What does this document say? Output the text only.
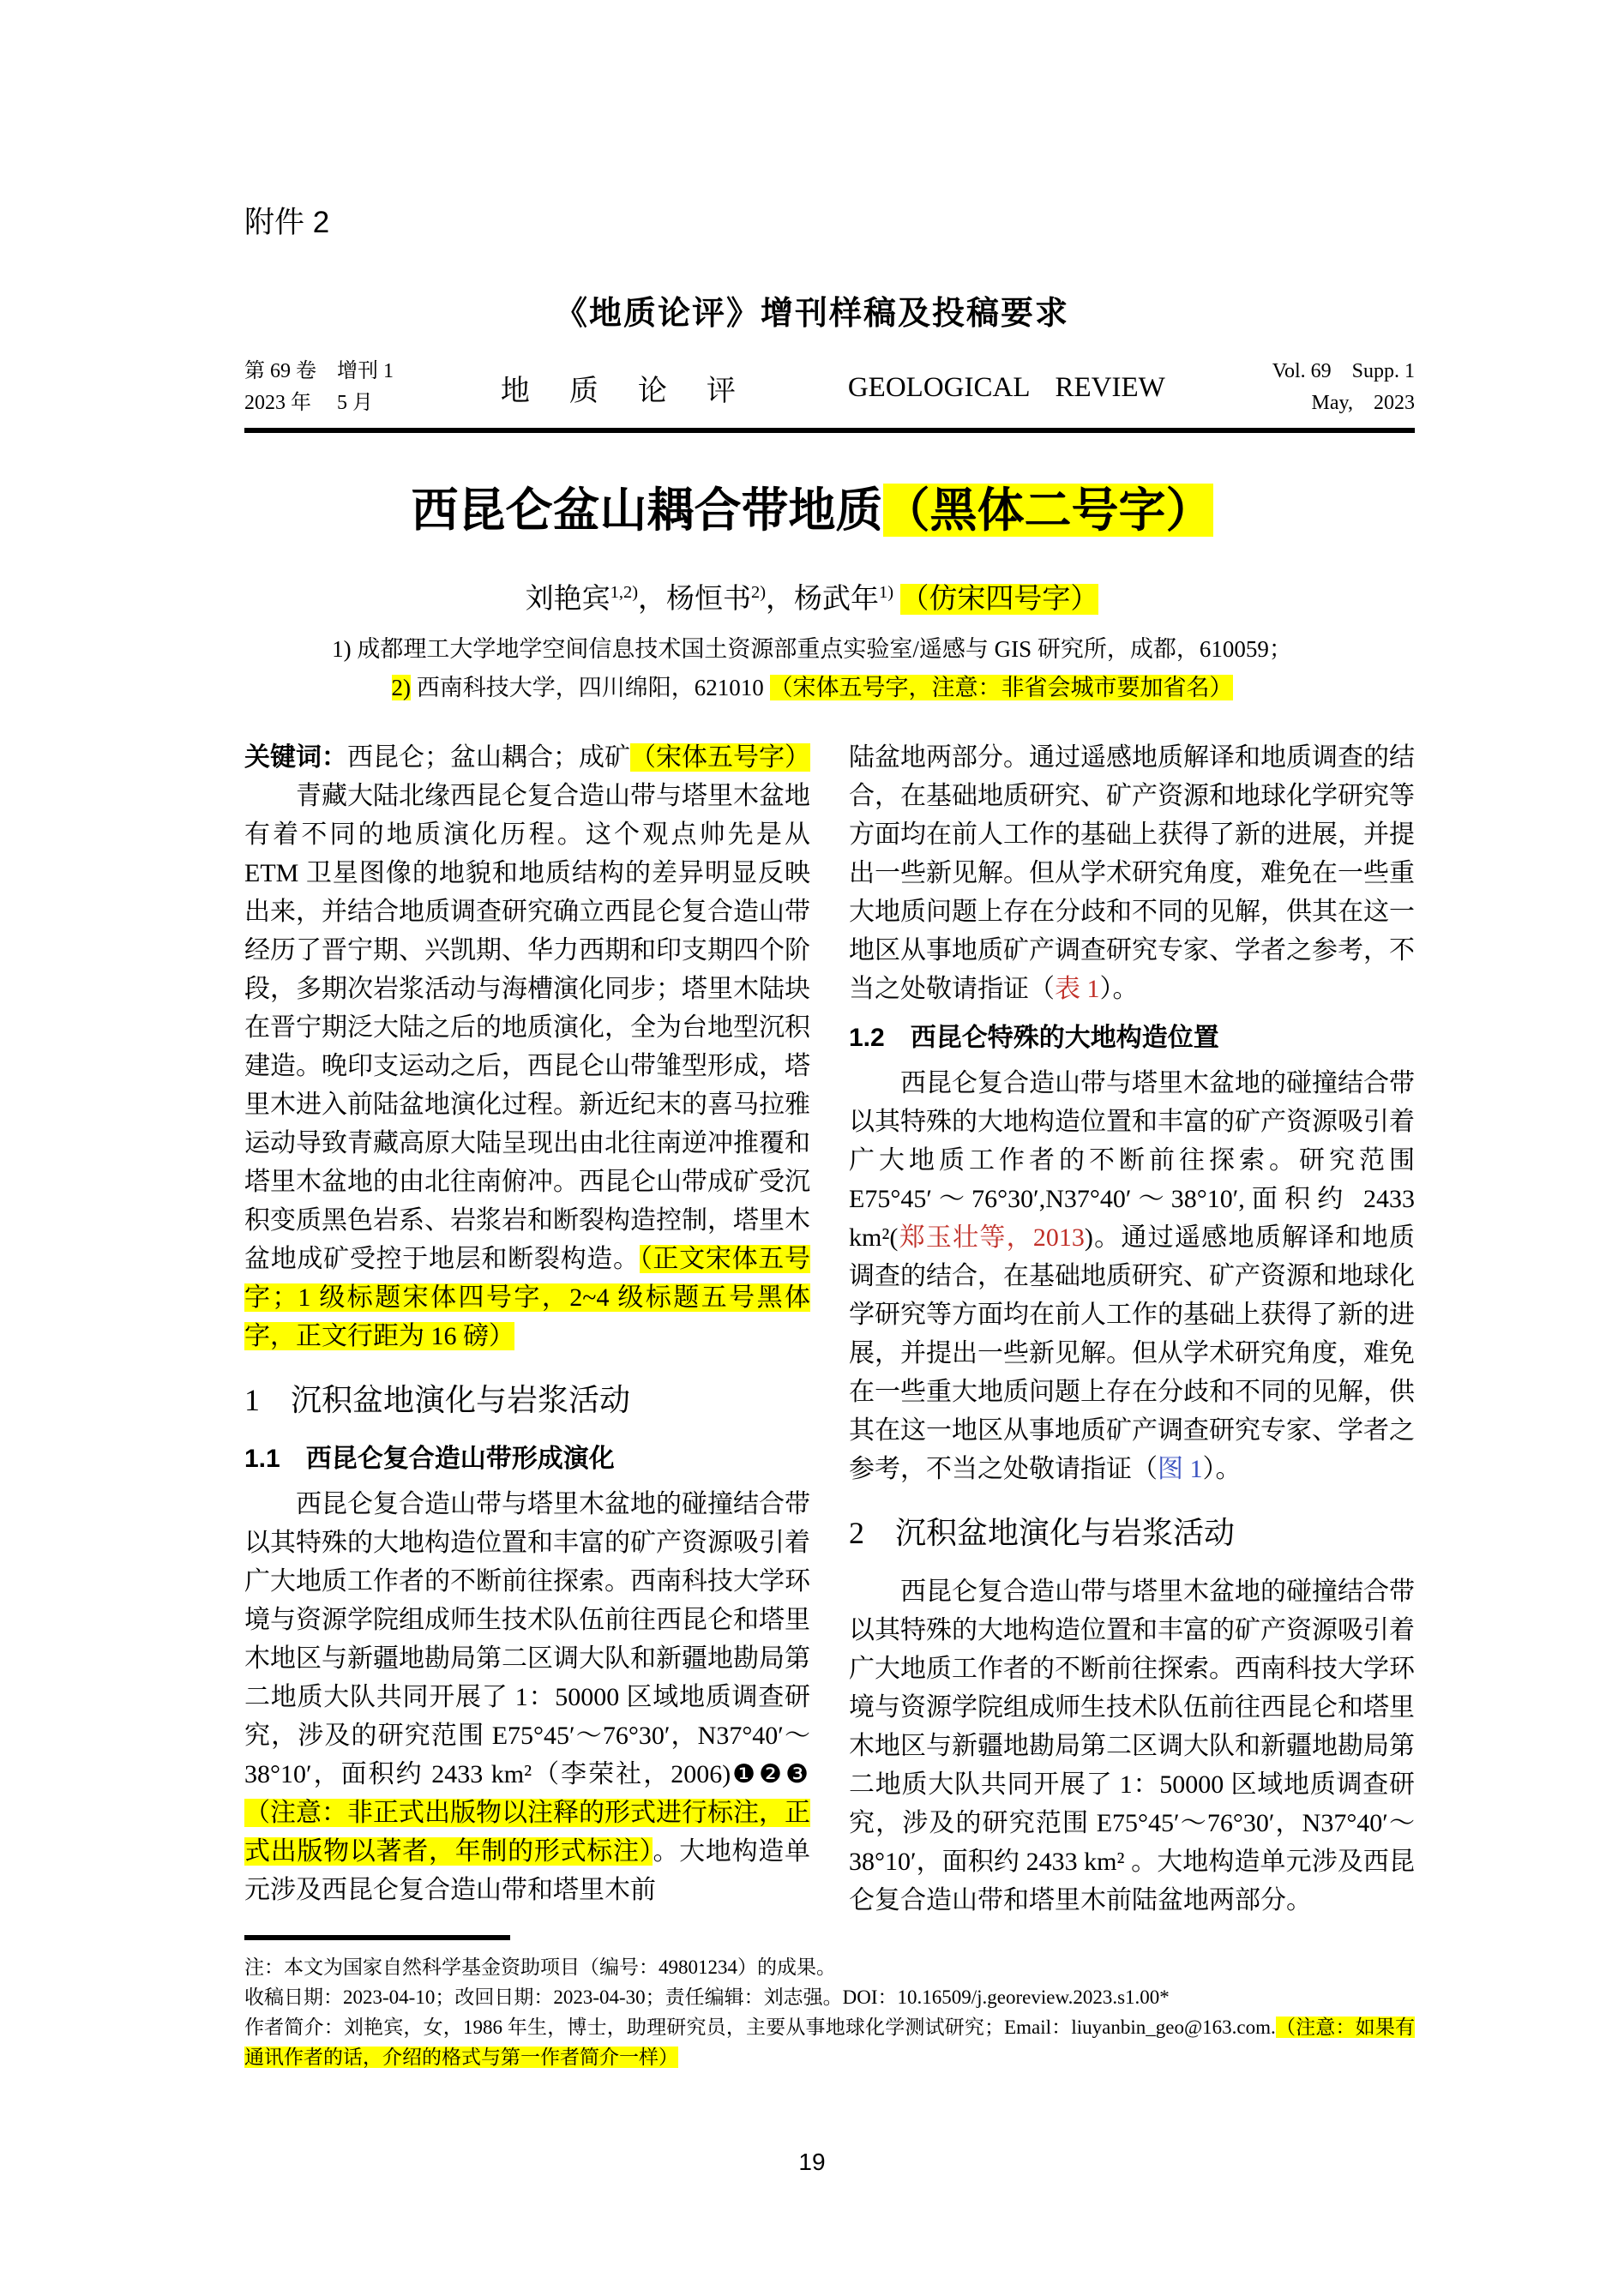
附件 2
《地质论评》增刊样稿及投稿要求
第 69 卷　增刊 1
2023 年　 5 月	地　质　论　评	GEOLOGICAL REVIEW
Vol. 69　Supp. 1
May,　2023
西昆仑盆山耦合带地质（黑体二号字）
刘艳宾$^{1,2)}$，杨恒书$^{2)}$，杨武年$^{1)}$ （仿宋四号字）
1) 成都理工大学地学空间信息技术国土资源部重点实验室/遥感与 GIS 研究所，成都，610059；
2) 西南科技大学，四川绵阳，621010 （宋体五号字，注意：非省会城市要加省名）

关键词：西昆仑；盆山耦合；成矿（宋体五号字）

青藏大陆北缘西昆仑复合造山带与塔里木盆地有着不同的地质演化历程。这个观点帅先是从 ETM 卫星图像的地貌和地质结构的差异明显反映出来，并结合地质调查研究确立西昆仑复合造山带经历了晋宁期、兴凯期、华力西期和印支期四个阶段，多期次岩浆活动与海槽演化同步；塔里木陆块在晋宁期泛大陆之后的地质演化，全为台地型沉积建造。晚印支运动之后，西昆仑山带雏型形成，塔里木进入前陆盆地演化过程。新近纪末的喜马拉雅运动导致青藏高原大陆呈现出由北往南逆冲推覆和塔里木盆地的由北往南俯冲。西昆仑山带成矿受沉积变质黑色岩系、岩浆岩和断裂构造控制，塔里木盆地成矿受控于地层和断裂构造。（正文宋体五号字；1 级标题宋体四号字，2~4 级标题五号黑体字，正文行距为 16 磅）

1　沉积盆地演化与岩浆活动
1.1　西昆仑复合造山带形成演化

西昆仑复合造山带与塔里木盆地的碰撞结合带以其特殊的大地构造位置和丰富的矿产资源吸引着广大地质工作者的不断前往探索。西南科技大学环境与资源学院组成师生技术队伍前往西昆仑和塔里木地区与新疆地勘局第二区调大队和新疆地勘局第二地质大队共同开展了 1：50000 区域地质调查研究，涉及的研究范围 E75°45′～76°30′，N37°40′～38°10′，面积约 2433 km²（李荣社，2006)❶❷❸（注意：非正式出版物以注释的形式进行标注，正式出版物以著者，年制的形式标注）。大地构造单元涉及西昆仑复合造山带和塔里木前

陆盆地两部分。通过遥感地质解译和地质调查的结合，在基础地质研究、矿产资源和地球化学研究等方面均在前人工作的基础上获得了新的进展，并提出一些新见解。但从学术研究角度，难免在一些重大地质问题上存在分歧和不同的见解，供其在这一地区从事地质矿产调查研究专家、学者之参考，不当之处敬请指证（表 1）。

1.2　西昆仑特殊的大地构造位置

西昆仑复合造山带与塔里木盆地的碰撞结合带以其特殊的大地构造位置和丰富的矿产资源吸引着广大地质工作者的不断前往探索。研究范围 E75°45′～76°30′,N37°40′～38°10′,面积约 2433 km²(郑玉壮等，2013)。通过遥感地质解译和地质调查的结合，在基础地质研究、矿产资源和地球化学研究等方面均在前人工作的基础上获得了新的进展，并提出一些新见解。但从学术研究角度，难免在一些重大地质问题上存在分歧和不同的见解，供其在这一地区从事地质矿产调查研究专家、学者之参考，不当之处敬请指证（图 1）。

2　沉积盆地演化与岩浆活动

西昆仑复合造山带与塔里木盆地的碰撞结合带以其特殊的大地构造位置和丰富的矿产资源吸引着广大地质工作者的不断前往探索。西南科技大学环境与资源学院组成师生技术队伍前往西昆仑和塔里木地区与新疆地勘局第二区调大队和新疆地勘局第二地质大队共同开展了 1：50000 区域地质调查研究，涉及的研究范围 E75°45′～76°30′，N37°40′～38°10′，面积约 2433 km² 。大地构造单元涉及西昆仑复合造山带和塔里木前陆盆地两部分。

注：本文为国家自然科学基金资助项目（编号：49801234）的成果。
收稿日期：2023-04-10；改回日期：2023-04-30；责任编辑：刘志强。DOI：10.16509/j.georeview.2023.s1.00*
作者简介：刘艳宾，女，1986 年生，博士，助理研究员，主要从事地球化学测试研究；Email：liuyanbin_geo@163.com.（注意：如果有通讯作者的话，介绍的格式与第一作者简介一样）
19
